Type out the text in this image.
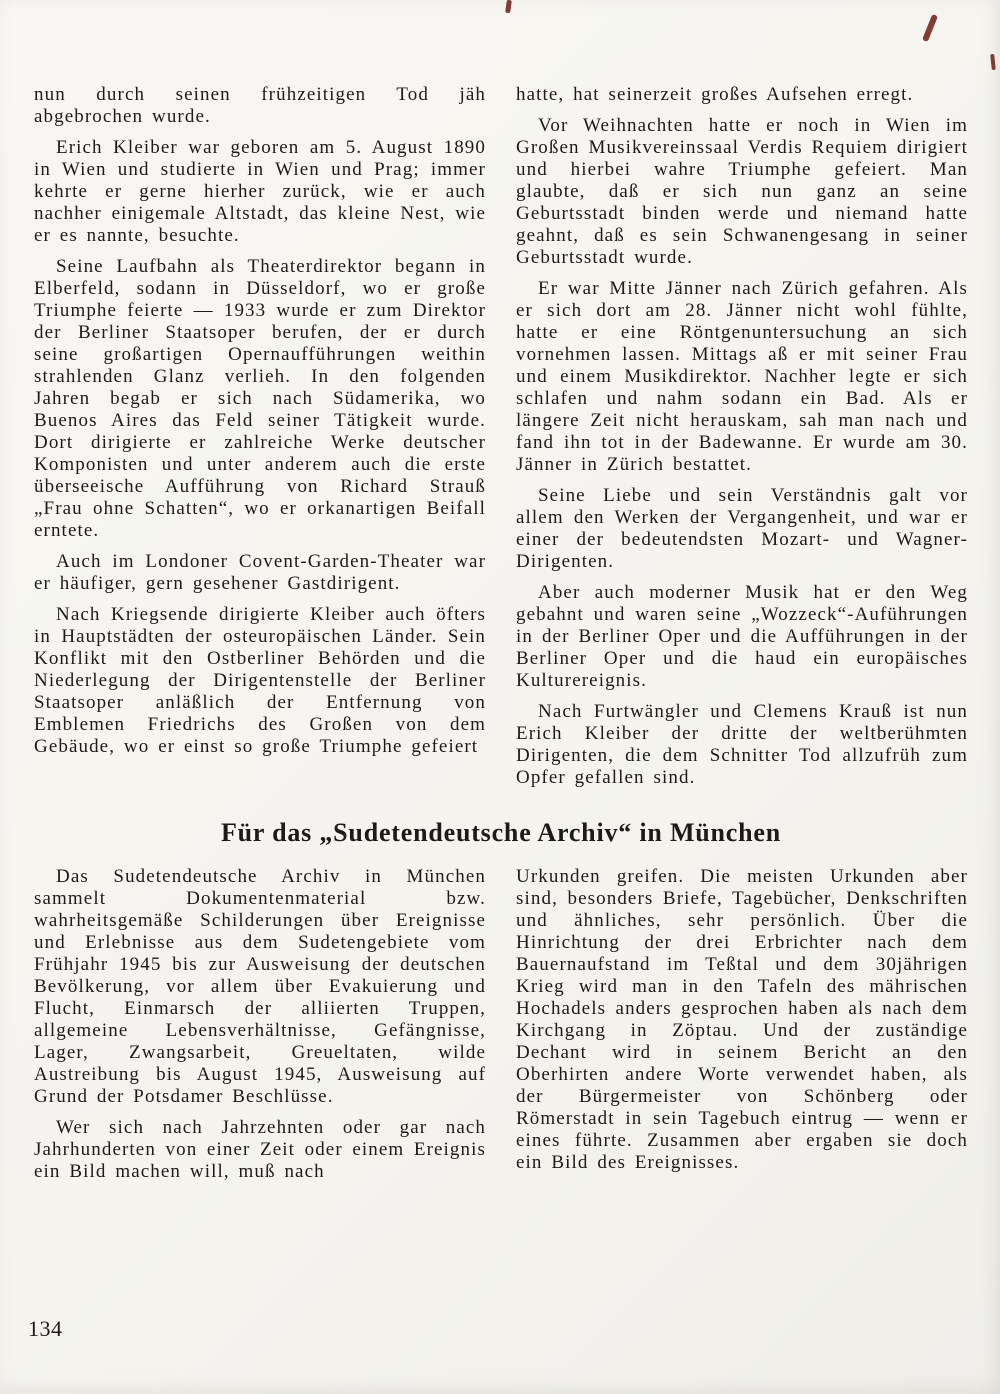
nun durch seinen frühzeitigen Tod jäh abgebrochen wurde.

Erich Kleiber war geboren am 5. August 1890 in Wien und studierte in Wien und Prag; immer kehrte er gerne hierher zurück, wie er auch nachher einigemale Altstadt, das kleine Nest, wie er es nannte, besuchte.

Seine Laufbahn als Theaterdirektor begann in Elberfeld, sodann in Düsseldorf, wo er große Triumphe feierte — 1933 wurde er zum Direktor der Berliner Staatsoper berufen, der er durch seine großartigen Opernaufführungen weithin strahlenden Glanz verlieh. In den folgenden Jahren begab er sich nach Südamerika, wo Buenos Aires das Feld seiner Tätigkeit wurde. Dort dirigierte er zahlreiche Werke deutscher Komponisten und unter anderem auch die erste überseeische Aufführung von Richard Strauß „Frau ohne Schatten“, wo er orkanartigen Beifall erntete.

Auch im Londoner Covent-Garden-Theater war er häufiger, gern gesehener Gastdirigent.

Nach Kriegsende dirigierte Kleiber auch öfters in Hauptstädten der osteuropäischen Länder. Sein Konflikt mit den Ostberliner Behörden und die Niederlegung der Dirigentenstelle der Berliner Staatsoper anläßlich der Entfernung von Emblemen Friedrichs des Großen von dem Gebäude, wo er einst so große Triumphe gefeiert

hatte, hat seinerzeit großes Aufsehen erregt.

Vor Weihnachten hatte er noch in Wien im Großen Musikvereinssaal Verdis Requiem dirigiert und hierbei wahre Triumphe gefeiert. Man glaubte, daß er sich nun ganz an seine Geburtsstadt binden werde und niemand hatte geahnt, daß es sein Schwanengesang in seiner Geburtsstadt wurde.

Er war Mitte Jänner nach Zürich gefahren. Als er sich dort am 28. Jänner nicht wohl fühlte, hatte er eine Röntgenuntersuchung an sich vornehmen lassen. Mittags aß er mit seiner Frau und einem Musikdirektor. Nachher legte er sich schlafen und nahm sodann ein Bad. Als er längere Zeit nicht herauskam, sah man nach und fand ihn tot in der Badewanne. Er wurde am 30. Jänner in Zürich bestattet.

Seine Liebe und sein Verständnis galt vor allem den Werken der Vergangenheit, und war er einer der bedeutendsten Mozart- und Wagner-Dirigenten.

Aber auch moderner Musik hat er den Weg gebahnt und waren seine „Wozzeck“-Auführungen in der Berliner Oper und die Aufführungen in der Berliner Oper und die haud ein europäisches Kulturereignis.

Nach Furtwängler und Clemens Krauß ist nun Erich Kleiber der dritte der weltberühmten Dirigenten, die dem Schnitter Tod allzufrüh zum Opfer gefallen sind.

Für das „Sudetendeutsche Archiv“ in München

Das Sudetendeutsche Archiv in München sammelt Dokumentenmaterial bzw. wahrheitsgemäße Schilderungen über Ereignisse und Erlebnisse aus dem Sudetengebiete vom Frühjahr 1945 bis zur Ausweisung der deutschen Bevölkerung, vor allem über Evakuierung und Flucht, Einmarsch der alliierten Truppen, allgemeine Lebensverhältnisse, Gefängnisse, Lager, Zwangsarbeit, Greueltaten, wilde Austreibung bis August 1945, Ausweisung auf Grund der Potsdamer Beschlüsse.

Wer sich nach Jahrzehnten oder gar nach Jahrhunderten von einer Zeit oder einem Ereignis ein Bild machen will, muß nach

Urkunden greifen. Die meisten Urkunden aber sind, besonders Briefe, Tagebücher, Denkschriften und ähnliches, sehr persönlich. Über die Hinrichtung der drei Erbrichter nach dem Bauernaufstand im Teßtal und dem 30jährigen Krieg wird man in den Tafeln des mährischen Hochadels anders gesprochen haben als nach dem Kirchgang in Zöptau. Und der zuständige Dechant wird in seinem Bericht an den Oberhirten andere Worte verwendet haben, als der Bürgermeister von Schönberg oder Römerstadt in sein Tagebuch eintrug — wenn er eines führte. Zusammen aber ergaben sie doch ein Bild des Ereignisses.

134
